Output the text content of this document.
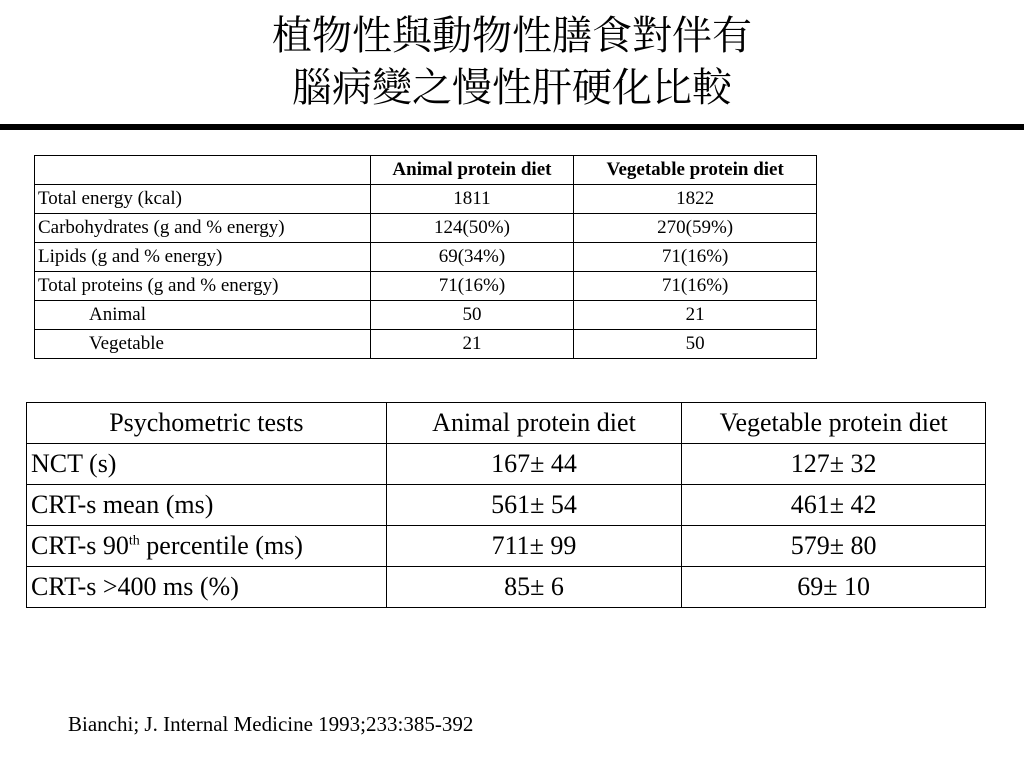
植物性與動物性膳食對伴有
腦病變之慢性肝硬化比較
	Animal protein diet	Vegetable protein diet
Total energy (kcal)	1811	1822
Carbohydrates (g and % energy)	124(50%)	270(59%)
Lipids (g and % energy)	69(34%)	71(16%)
Total proteins (g and % energy)	71(16%)	71(16%)
Animal	50	21
Vegetable	21	50
Psychometric tests	Animal protein diet	Vegetable protein diet
NCT (s)	167± 44	127± 32
CRT-s mean (ms)	561± 54	461± 42
CRT-s 90th percentile (ms)	711± 99	579± 80
CRT-s >400 ms (%)	85± 6	69± 10
Bianchi; J. Internal Medicine 1993;233:385-392
